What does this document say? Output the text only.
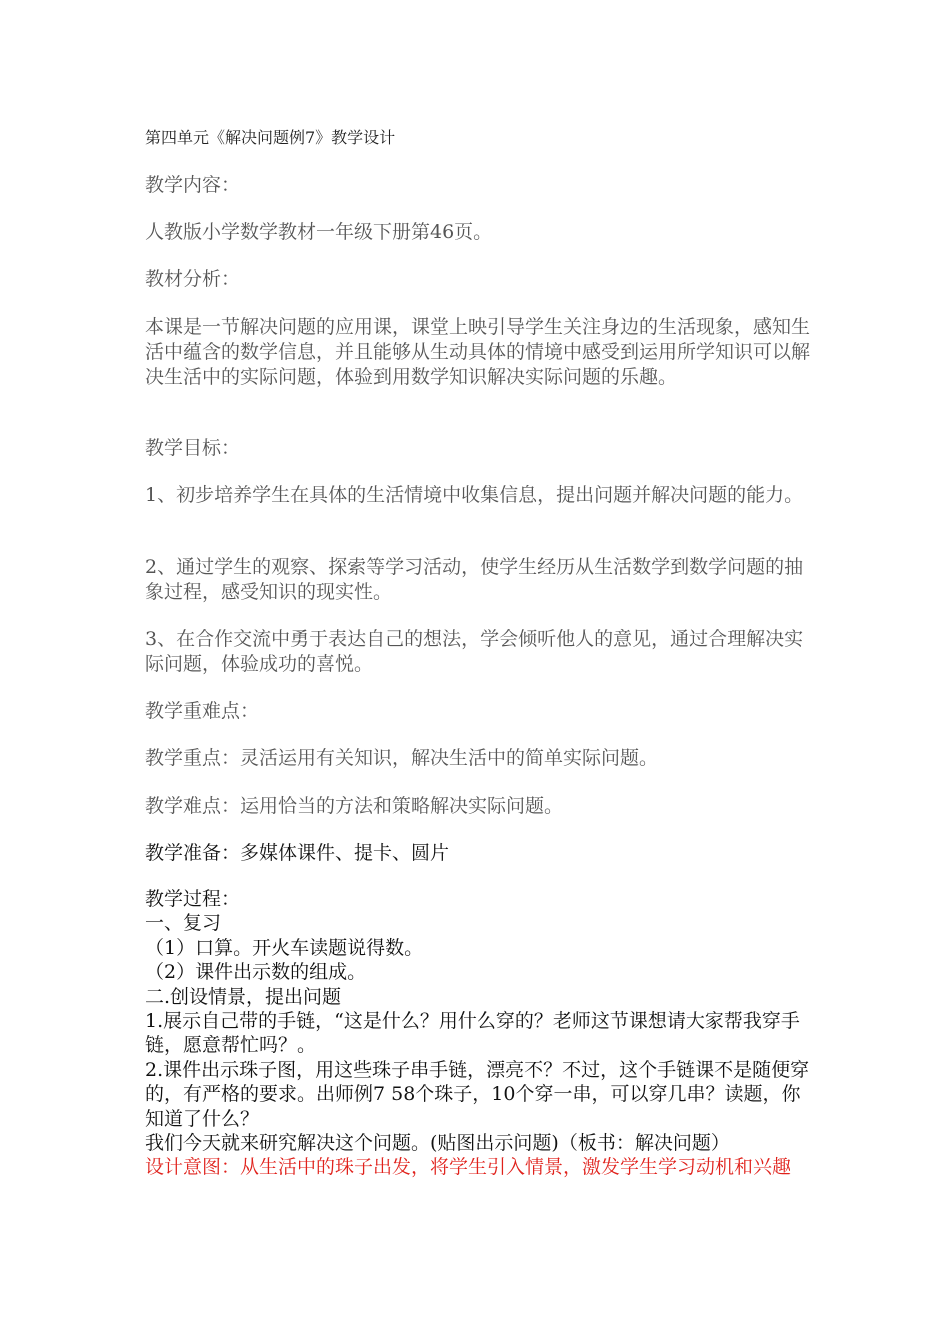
第四单元《解决问题例7》教学设计

教学内容：

人教版小学数学教材一年级下册第46页。

教材分析：

本课是一节解决问题的应用课，课堂上映引导学生关注身边的生活现象，感知生活中蕴含的数学信息，并且能够从生动具体的情境中感受到运用所学知识可以解决生活中的实际问题，体验到用数学知识解决实际问题的乐趣。

教学目标：

1、初步培养学生在具体的生活情境中收集信息，提出问题并解决问题的能力。

2、通过学生的观察、探索等学习活动，使学生经历从生活数学到数学问题的抽象过程，感受知识的现实性。

3、在合作交流中勇于表达自己的想法，学会倾听他人的意见，通过合理解决实际问题，体验成功的喜悦。

教学重难点：

教学重点：灵活运用有关知识，解决生活中的简单实际问题。

教学难点：运用恰当的方法和策略解决实际问题。

教学准备：多媒体课件、提卡、圆片

教学过程：

一、复习

（1）口算。开火车读题说得数。

（2）课件出示数的组成。

二.创设情景，提出问题

1.展示自己带的手链，“这是什么？用什么穿的？老师这节课想请大家帮我穿手链，愿意帮忙吗？。

2.课件出示珠子图，用这些珠子串手链，漂亮不？不过，这个手链课不是随便穿的，有严格的要求。出师例7 58个珠子，10个穿一串，可以穿几串？读题，你知道了什么？

我们今天就来研究解决这个问题。(贴图出示问题)（板书：解决问题）

设计意图：从生活中的珠子出发，将学生引入情景，激发学生学习动机和兴趣
